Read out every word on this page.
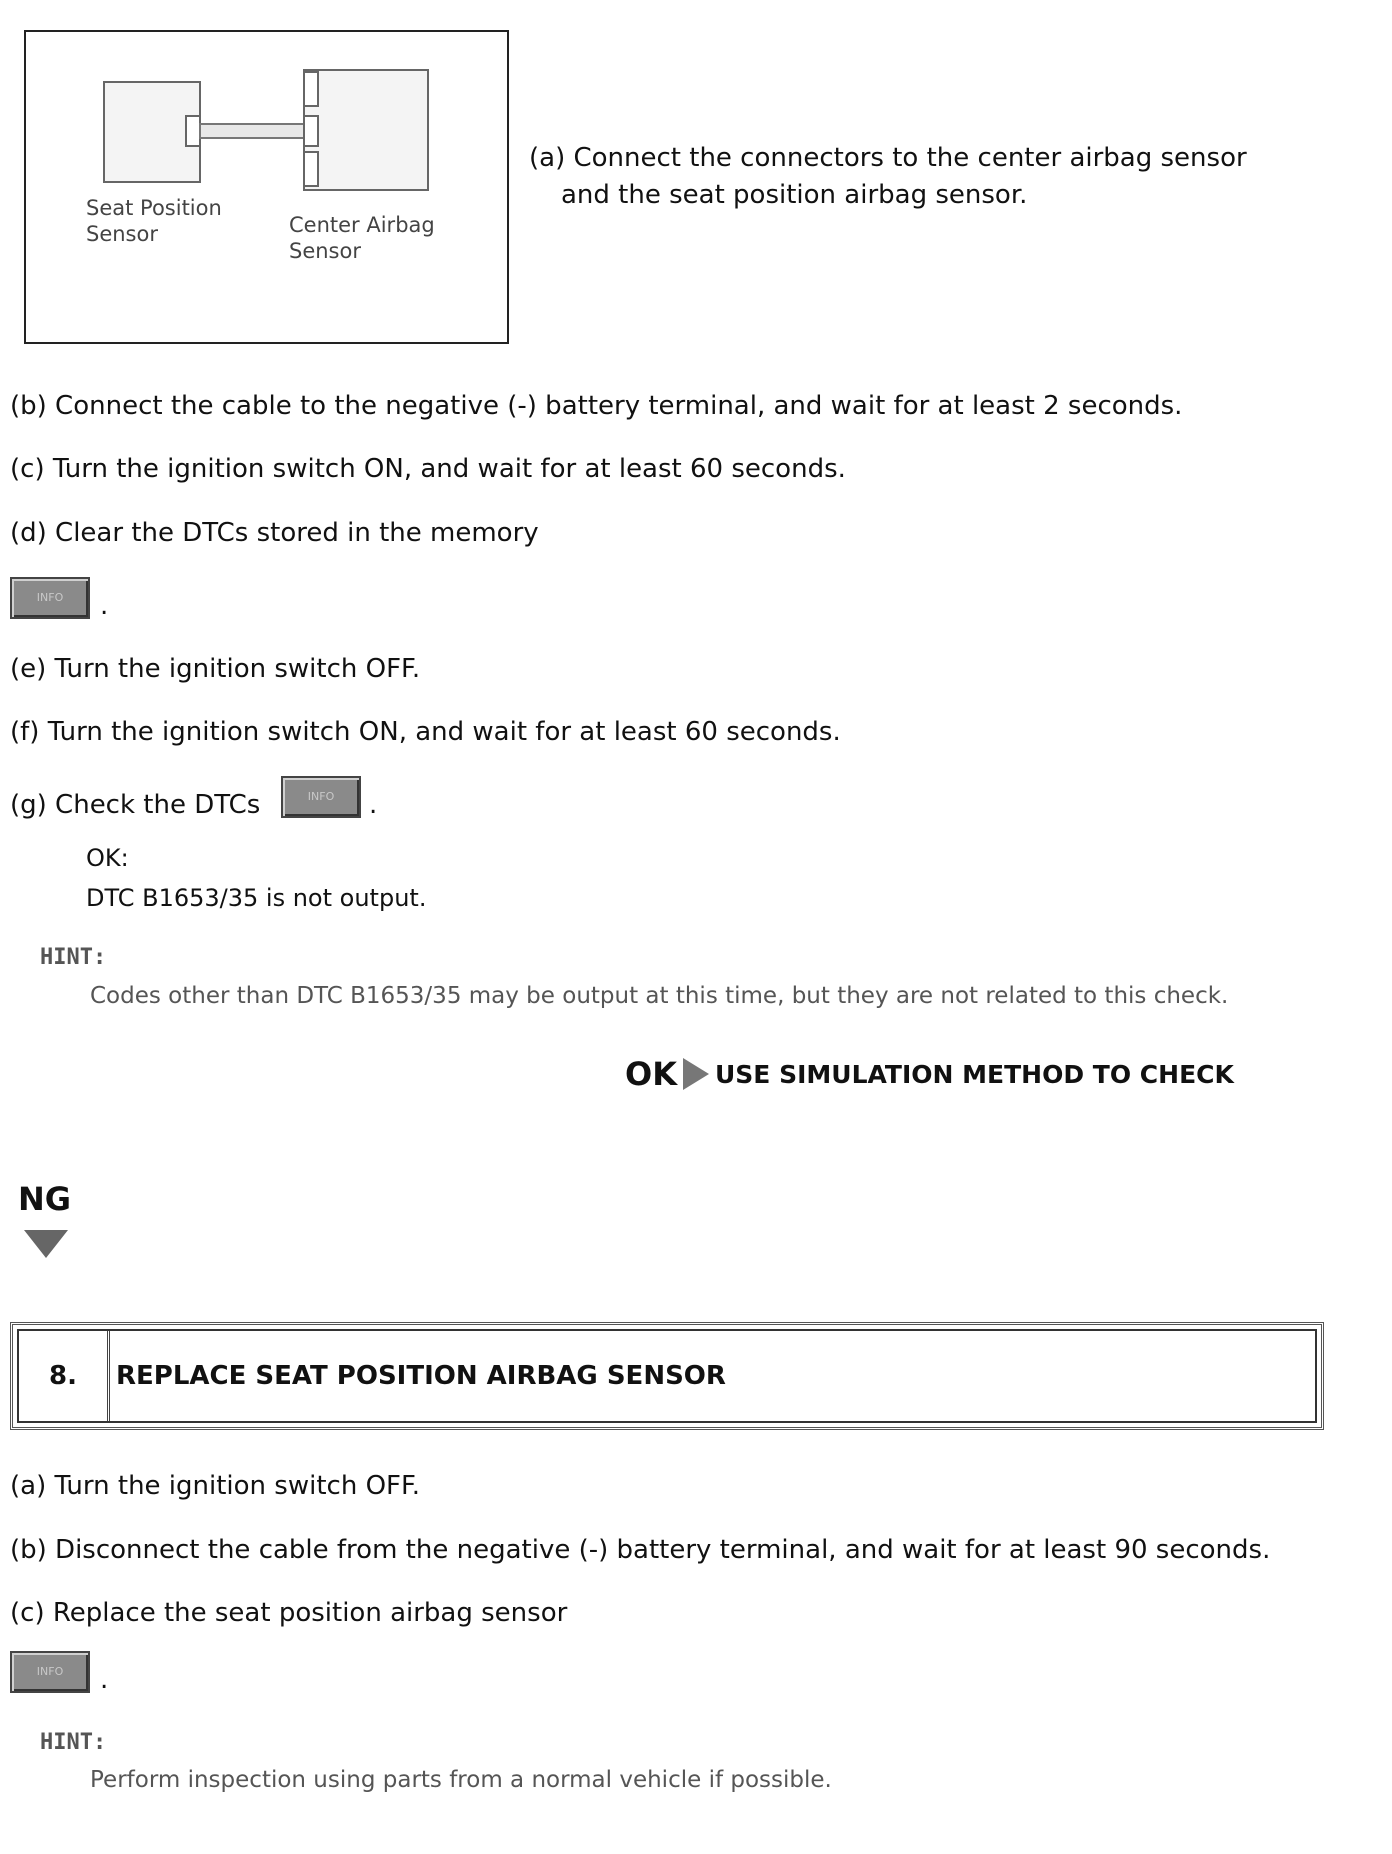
Seat Position
Sensor	Center Airbag
Sensor
(a) Connect the connectors to the center airbag sensor
and the seat position airbag sensor.
(b) Connect the cable to the negative (-) battery terminal, and wait for at least 2 seconds.
(c) Turn the ignition switch ON, and wait for at least 60 seconds.
(d) Clear the DTCs stored in the memory
INFO	.
(e) Turn the ignition switch OFF.
(f) Turn the ignition switch ON, and wait for at least 60 seconds.
(g) Check the DTCs	INFO	.
OK:
DTC B1653/35 is not output.
HINT:
Codes other than DTC B1653/35 may be output at this time, but they are not related to this check.
OK USE SIMULATION METHOD TO CHECK
NG
8.	REPLACE SEAT POSITION AIRBAG SENSOR
(a) Turn the ignition switch OFF.
(b) Disconnect the cable from the negative (-) battery terminal, and wait for at least 90 seconds.
(c) Replace the seat position airbag sensor
INFO	.
HINT:
Perform inspection using parts from a normal vehicle if possible.
